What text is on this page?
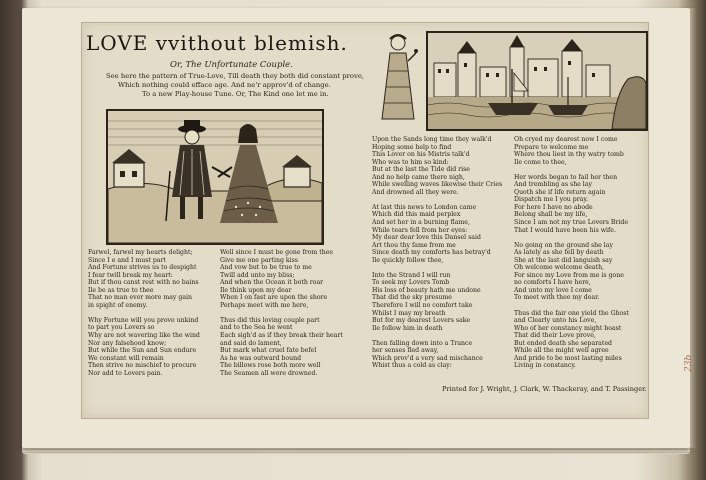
LOVE vvithout blemish.
Or, The Unfortunate Couple.
See here the pattern of True-Love, Till death they both did constant prove,
Which nothing could efface age. And ne'r approv'd of change.
To a new Play-house Tune. Or, The Kind one let me in.
Farwel, farwel my hearts delight;
Since I e and I must part
And Fortune strives us to despight
I fear twill break my heart:
But if thou canst rest with no bains
Ile be as true to thee
That no man ever more may gain
in spight of enemy.
Why Fortune will you prove unkind
to part you Lovers so
Why are not wavering like the wind
Nor any falsehood know;
But while the Sun and Sun endure
We constant will remain
Then strive no mischief to procure
Nor add to Lovers pain.
Well since I must be gone from thee
Give me one parting kiss
And vow but to be true to me
Twill add unto my bliss;
And when the Ocean it both roar
Ile think upon my dear
When I on fast are upon the shore
Perhaps meet with me here,
Thus did this loving couple part
and to the Sea he went
Each sigh'd as if they break their heart
and said do lament,
But mark what cruel fate befel
As he was outward bound
The billows rose both more well
The Seamen all were drowned.
Upon the Sands long time they walk'd
Hoping some help to find
This Lover on his Mistris talk'd
Who was to him so kind:
But at the last the Tide did rise
And no help came there nigh,
While swelling waves likewise their Cries
And drowned all they were.
At last this news to London came
Which did this maid perplex
And set her in a burning flame,
While tears fell from her eyes:
My dear dear love this Dansel said
Art thou thy fame from me
Since death my comforts has betray'd
Ile quickly follow thee,
Into the Strand I will run
To seek my Lovers Tomb
His loss of beauty hath me undone
That did the sky presume
Therefore I will no comfort take
Whilst I may my breath
But for my dearest Lovers sake
Ile follow him in death
Then falling down into a Trance
her senses fled away,
Which prov'd a very sad mischance
Whist thus a cold as clay:
Oh cryed my dearest now I come
Prepare to welcome me
Where thou liest in thy watry tomb
Ile come to thee,
Her words began to fail her then
And trembling as she lay
Quoth she if life return again
Dispatch me I you pray.
For here I have no abode
Belong shall be my life,
Since I am not my true Lovers Bride
That I would have been his wife.
No going on the ground she lay
As lately as she fell by death
She at the last did languish say
Oh welcome welcome death,
For since my Love from me is gone
no comforts I have here,
And unto my love I come
To meet with thee my dear.
Thus did the fair one yield the Ghost
and Clearly unto his Love,
Who of her constancy might boast
That did their Love prove,
But ended death she separated
While all the might well agree
And pride to be most lasting miles
Living in constancy.
Printed for J. Wright, J. Clark, W. Thackeray, and T. Passinger.
23b
